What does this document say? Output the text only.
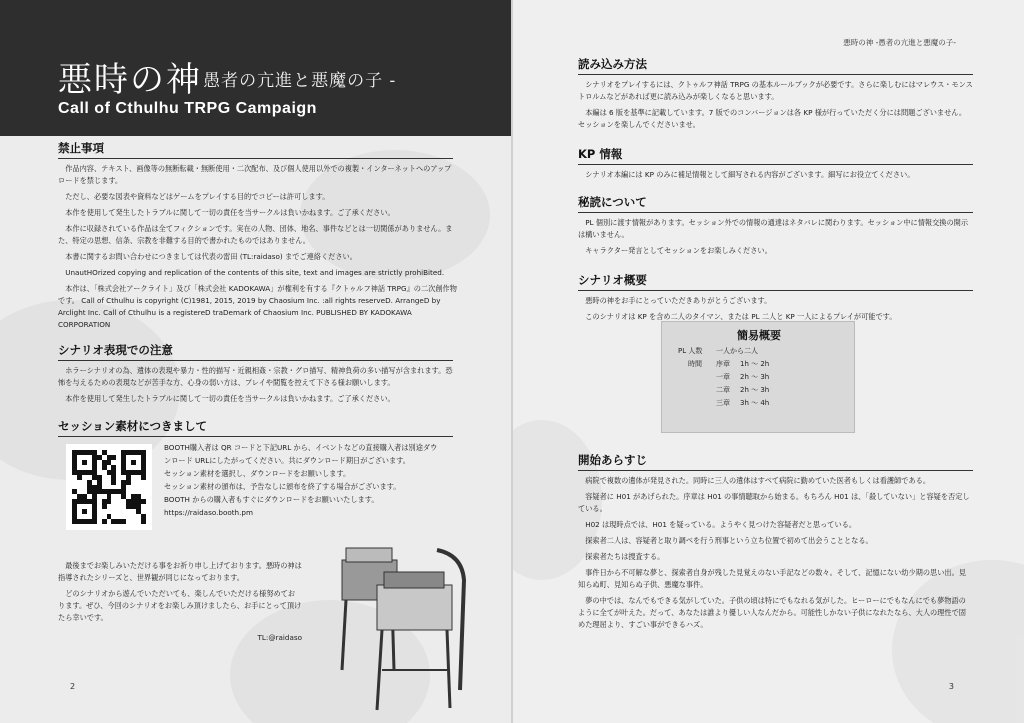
悪時の神
- 愚者の亢進と悪魔の子 -
Call of Cthulhu TRPG Campaign
禁止事項
作品内容、テキスト、画像等の無断転載・無断使用・二次配布、及び個人使用以外での複製・インターネットへのアップロードを禁じます。
ただし、必要な図表や資料などはゲームをプレイする目的でコピーは許可します。
本作を使用して発生したトラブルに関して一切の責任を当サークルは負いかねます。ご了承ください。
本作に収録されている作品は全てフィクションです。実在の人物、団体、地名、事件などとは一切関係がありません。また、特定の思想、信条、宗教を非難する目的で書かれたものではありません。
本書に関するお問い合わせにつきましては代表の雷田 (TL:raidaso) までご連絡ください。
UnautHOrized copying and replication of the contents of this site, text and images are strictly prohiBited.
本作は、「株式会社アークライト」及び「株式会社 KADOKAWA」が権利を有する『クトゥルフ神話 TRPG』の二次創作物です。 Call of Cthulhu is copyright (C)1981, 2015, 2019 by Chaosium Inc. :all rights reserveD. ArrangeD by Arclight Inc. Call of Cthulhu is a registereD traDemark of Chaosium Inc. PUBLISHED BY KADOKAWA CORPORATION
シナリオ表現での注意
ホラーシナリオの為、遺体の表現や暴力・性的描写・近親相姦・宗教・グロ描写、精神負荷の多い描写が含まれます。恐怖を与えるための表現などが苦手な方、心身の弱い方は、プレイや閲覧を控えて下さる様お願いします。
本作を使用して発生したトラブルに関して一切の責任を当サークルは負いかねます。ご了承ください。
セッション素材につきまして
BOOTH購入者は QR コードと下記URL から、イベントなどの直接購入者は別途ダウ
ンロード URLにしたがってください。共にダウンロード期日がございます。
セッション素材を選択し、ダウンロードをお願いします。
セッション素材の頒布は、予告なしに頒布を終了する場合がございます。
BOOTH からの購入者もすぐにダウンロードをお願いいたします。
https://raidaso.booth.pm
最後までお楽しみいただける事をお祈り申し上げております。悪時の神は指導されたシリーズと、世界観が同じになっております。
どのシナリオから遊んでいただいても、楽しんでいただける様努めております。ぜひ、今回のシナリオをお楽しみ頂けましたら、お手にとって頂けたら幸いです。
TL:@raidaso
2
悪時の神 -愚者の亢進と悪魔の子-
読み込み方法
シナリオをプレイするには、クトゥルフ神話 TRPG の基本ルールブックが必要です。さらに楽しむにはマレウス・モンストロルムなどがあれば更に読み込みが楽しくなると思います。
本編は 6 版を基準に記載しています。7 版でのコンバージョンは各 KP 様が行っていただく分には問題ございません。セッションを楽しんでくださいませ。
KP 情報
シナリオ本編には KP のみに補足情報として細写される内容がございます。細写にお役立てください。
秘読について
PL 個別に渡す情報があります。セッション外での情報の通達はネタバレに関わります。セッション中に情報交換の開示は構いません。
キャラクター発言としてセッションをお楽しみください。
シナリオ概要
悪時の神をお手にとっていただきありがとうございます。
このシナリオは KP を含め二人のタイマン、または PL 二人と KP 一人によるプレイが可能です。
簡易概要
PL 人数 一人から二人
時間 序章 1h ～ 2h
一章 2h ～ 3h
二章 2h ～ 3h
三章 3h ～ 4h
開始あらすじ
病院で複数の遺体が発見された。同時に三人の遺体はすべて病院に勤めていた医者もしくは看護師である。
容疑者に H01 があげられた。序章は H01 の事情聴取から始まる。もちろん H01 は、「殺していない」と容疑を否定している。
H02 は現時点では、H01 を疑っている。ようやく見つけた容疑者だと思っている。
探索者二人は、容疑者と取り調べを行う刑事という立ち位置で初めて出会うこととなる。
探索者たちは捜査する。
事件日から不可解な夢と、探索者自身が残した見覚えのない手記などの数々。そして、記憶にない幼少期の思い出。見知らぬ町、見知らぬ子供、悪魔な事件。
夢の中では、なんでもできる気がしていた。子供の頃は特にでもなれる気がした。ヒーローにでもなんにでも夢物語のように全てが叶えた。だって、あなたは誰より優しい人なんだから。可能性しかない子供になれたなら、大人の理性で固めた理屈より、すごい事ができるハズ。
3
